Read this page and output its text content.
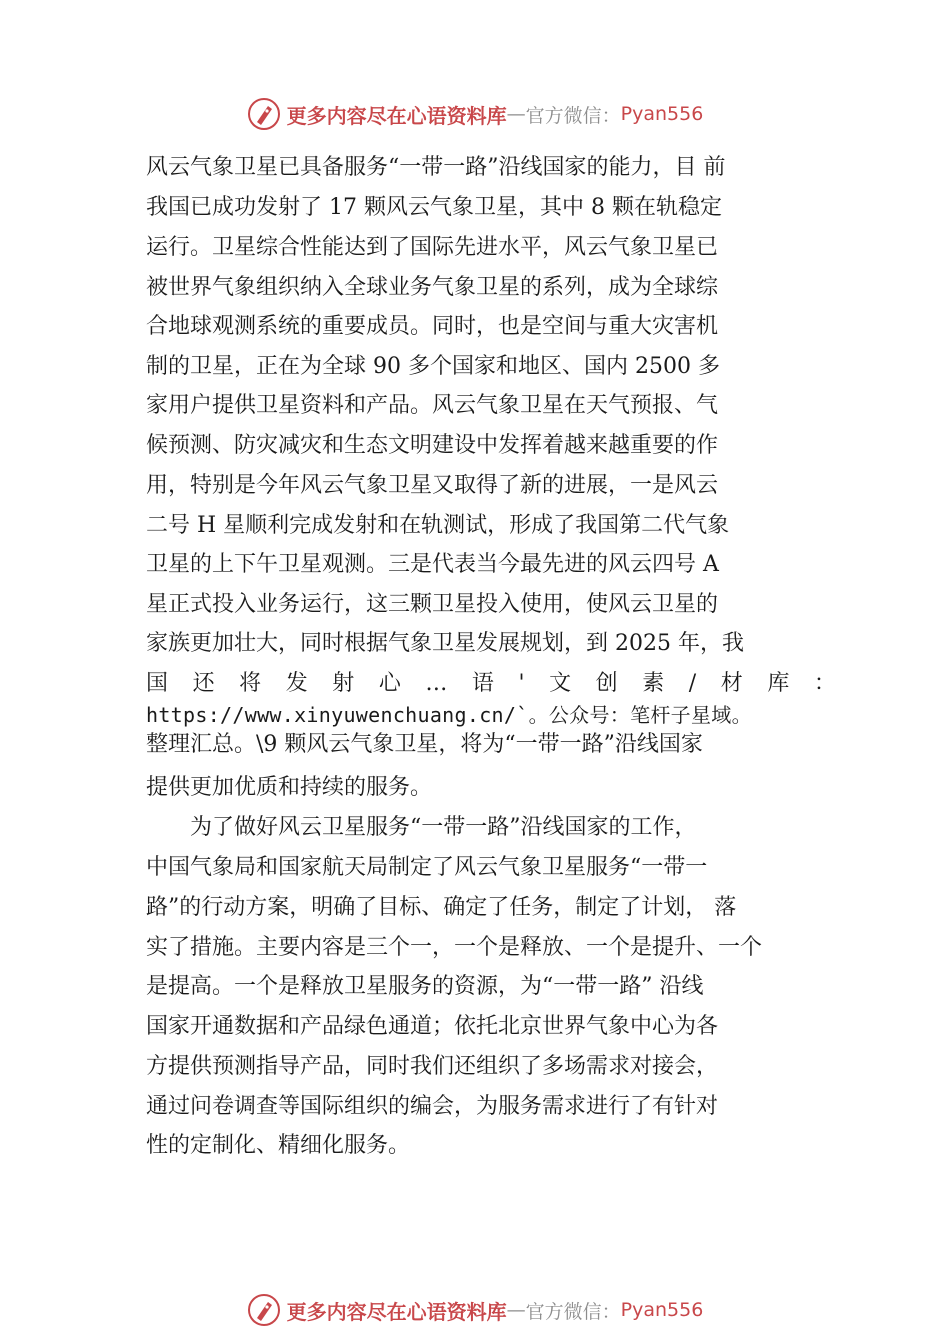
更多内容尽在心语资料库 — 官方微信： Pyan556
风云气象卫星已具备服务“一带一路”沿线国家的能力，目 前
我国已成功发射了 17 颗风云气象卫星，其中 8 颗在轨稳定
运行。卫星综合性能达到了国际先进水平，风云气象卫星已
被世界气象组织纳入全球业务气象卫星的系列，成为全球综
合地球观测系统的重要成员。同时，也是空间与重大灾害机
制的卫星，正在为全球 90 多个国家和地区、国内 2500 多
家用户提供卫星资料和产品。风云气象卫星在天气预报、气
候预测、防灾减灾和生态文明建设中发挥着越来越重要的作
用，特别是今年风云气象卫星又取得了新的进展，一是风云
二号 H 星顺利完成发射和在轨测试，形成了我国第二代气象
卫星的上下午卫星观测。三是代表当今最先进的风云四号 A
星正式投入业务运行，这三颗卫星投入使用，使风云卫星的
家族更加壮大，同时根据气象卫星发展规划，到 2025 年，我
国 还 将 发 射 心 … 语 ' 文 创 素 / 材 库 ：
https://www.xinyuwenchuang.cn/`。公众号：笔杆子星域。
整理汇总。\9 颗风云气象卫星，将为“一带一路”沿线国家
提供更加优质和持续的服务。
　　为了做好风云卫星服务“一带一路”沿线国家的工作，
中国气象局和国家航天局制定了风云气象卫星服务“一带一
路”的行动方案，明确了目标、确定了任务，制定了计划， 落
实了措施。主要内容是三个一，一个是释放、一个是提升、一个
是提高。一个是释放卫星服务的资源，为“一带一路” 沿线
国家开通数据和产品绿色通道；依托北京世界气象中心为各
方提供预测指导产品，同时我们还组织了多场需求对接会，
通过问卷调查等国际组织的编会，为服务需求进行了有针对
性的定制化、精细化服务。
更多内容尽在心语资料库 — 官方微信： Pyan556
